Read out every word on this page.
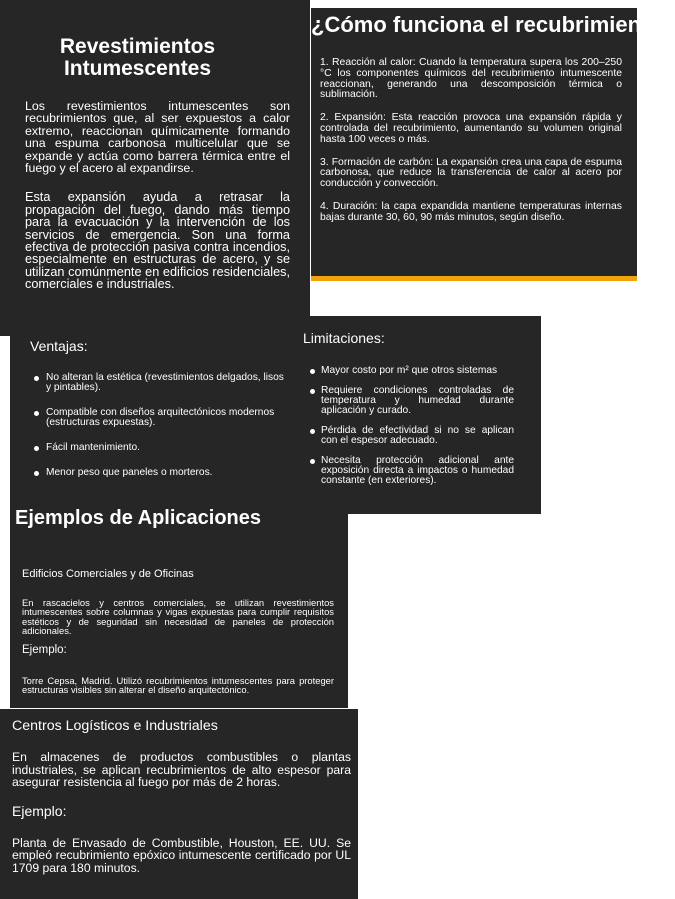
Revestimientos
Intumescentes

Los revestimientos intumescentes son recubrimientos que, al ser expuestos a calor extremo, reaccionan químicamente formando una espuma carbonosa multicelular que se expande y actúa como barrera térmica entre el fuego y el acero al expandirse.

Esta expansión ayuda a retrasar la propagación del fuego, dando más tiempo para la evacuación y la intervención de los servicios de emergencia. Son una forma efectiva de protección pasiva contra incendios, especialmente en estructuras de acero, y se utilizan comúnmente en edificios residenciales, comerciales e industriales.

¿Cómo funciona el recubrimiento?

1. Reacción al calor: Cuando la temperatura supera los 200–250 °C los componentes químicos del recubrimiento intumescente reaccionan, generando una descomposición térmica o sublimación.

2. Expansión: Esta reacción provoca una expansión rápida y controlada del recubrimiento, aumentando su volumen original hasta 100 veces o más.

3. Formación de carbón: La expansión crea una capa de espuma carbonosa, que reduce la transferencia de calor al acero por conducción y convección.

4. Duración: la capa expandida mantiene temperaturas internas bajas durante 30, 60, 90 más minutos, según diseño.

Limitaciones:
Mayor costo por m² que otros sistemas
Requiere condiciones controladas de temperatura y humedad durante aplicación y curado.
Pérdida de efectividad si no se aplican con el espesor adecuado.
Necesita protección adicional ante exposición directa a impactos o humedad constante (en exteriores).
Ventajas:
No alteran la estética (revestimientos delgados, lisos y pintables).
Compatible con diseños arquitectónicos modernos (estructuras expuestas).
Fácil mantenimiento.
Menor peso que paneles o morteros.
Ejemplos de Aplicaciones

Edificios Comerciales y de Oficinas

En rascacielos y centros comerciales, se utilizan revestimientos intumescentes sobre columnas y vigas expuestas para cumplir requisitos estéticos y de seguridad sin necesidad de paneles de protección adicionales.

Ejemplo:

Torre Cepsa, Madrid. Utilizó recubrimientos intumescentes para proteger estructuras visibles sin alterar el diseño arquitectónico.

Centros Logísticos e Industriales

En almacenes de productos combustibles o plantas industriales, se aplican recubrimientos de alto espesor para asegurar resistencia al fuego por más de 2 horas.

Ejemplo:

Planta de Envasado de Combustible, Houston, EE. UU. Se empleó recubrimiento epóxico intumescente certificado por UL 1709 para 180 minutos.
